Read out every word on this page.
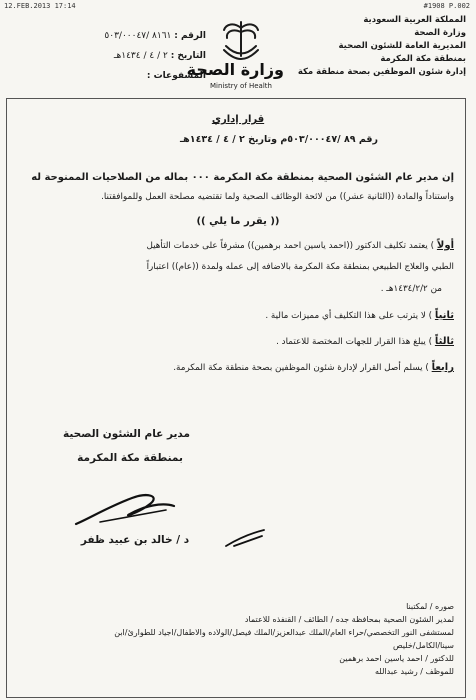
12.FEB.2013 17:14	#1908 P.002
المملكة العربية السعودية
وزارة الصحة
المديرية العامة للشئون الصحية
بمنطقة مكة المكرمة
إدارة شئون الموظفين بصحة منطقة مكة
الرقم : ٨١٦١ /٥٠٣/٠٠٠٤٧
التاريخ : ٢ / ٤ / ١٤٣٤هـ
المشفوعات :
وزارة الصحة
Ministry of Health
قرار إداري
رقم ٨٩ /٥٠٣/٠٠٠٤٧م وتاريخ ٢ / ٤ / ١٤٣٤هـ
إن مدير عام الشئون الصحية بمنطقة مكة المكرمة ٠٠٠ بماله من الصلاحيات الممنوحة له
واستناداً والمادة ((الثانية عشر)) من لائحة الوظائف الصحية ولما تقتضيه مصلحة العمل وللموافقتنا.
(( يقرر ما يلي ))
أولاً ) يعتمد تكليف الدكتور ((احمد ياسين احمد برهمين)) مشرفاً على خدمات التأهيل
الطبي والعلاج الطبيعي بمنطقة مكة المكرمة بالاضافه إلى عمله ولمدة ((عام)) اعتباراً
من ١٤٣٤/٢/٢هـ .
ثانياً ) لا يترتب على هذا التكليف أي مميزات مالية .
ثالثاً ) يبلغ هذا القرار للجهات المختصة للاعتماد .
رابعاً ) يسلم أصل القرار لإدارة شئون الموظفين بصحة منطقة مكة المكرمة.
مدير عام الشئون الصحية
بمنطقة مكة المكرمة
د / خالد بن عبيد ظفر
صوره / لمكتبنا
لمدير الشئون الصحية بمحافظة جده / الطائف / القنفذه للاعتماد
لمستشفى النور التخصصي/حراء العام/الملك عبدالعزيز/الملك فيصل/الولاده والاطفال/اجياد للطوارئ/ابن
سينا/الكامل/خليص
للدكتور / احمد ياسين احمد برهمين
للموظف / رشيد عبدالله
